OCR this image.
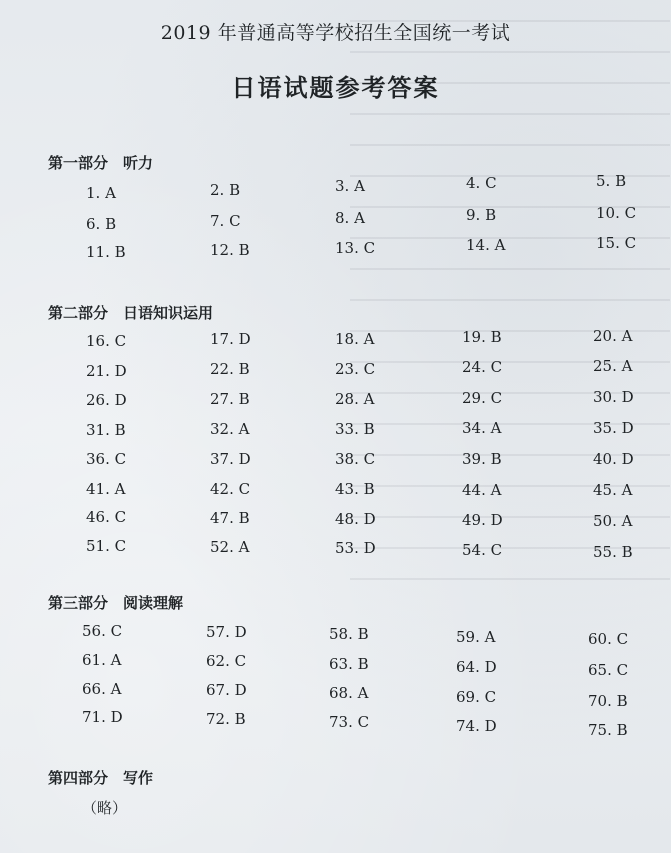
2019 年普通高等学校招生全国统一考试
日语试题参考答案
第一部分　听力
1. A	2. B	3. A	4. C	5. B
6. B	7. C	8. A	9. B	10. C
11. B	12. B	13. C	14. A	15. C
第二部分　日语知识运用
16. C	17. D	18. A	19. B	20. A
21. D	22. B	23. C	24. C	25. A
26. D	27. B	28. A	29. C	30. D
31. B	32. A	33. B	34. A	35. D
36. C	37. D	38. C	39. B	40. D
41. A	42. C	43. B	44. A	45. A
46. C	47. B	48. D	49. D	50. A
51. C	52. A	53. D	54. C	55. B
第三部分　阅读理解
56. C	57. D	58. B	59. A	60. C
61. A	62. C	63. B	64. D	65. C
66. A	67. D	68. A	69. C	70. B
71. D	72. B	73. C	74. D	75. B
第四部分　写作
（略）
